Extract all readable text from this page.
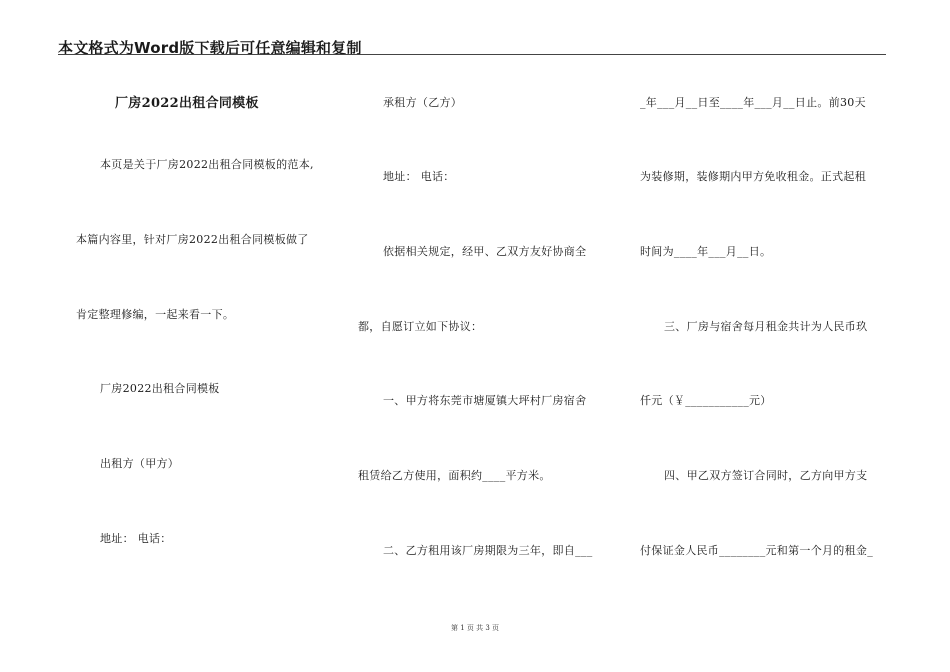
本文格式为Word版下载后可任意编辑和复制
厂房2022出租合同模板
本页是关于厂房2022出租合同模板的范本,
本篇内容里，针对厂房2022出租合同模板做了
肯定整理修编，一起来看一下。
厂房2022出租合同模板
出租方（甲方）
地址： 电话：
承租方（乙方）
地址： 电话：
依据相关规定，经甲、乙双方友好协商全
都，自愿订立如下协议：
一、甲方将东莞市塘厦镇大坪村厂房宿舍
租赁给乙方使用，面积约____平方米。
二、乙方租用该厂房期限为三年，即自___
_年___月__日至____年___月__日止。前30天
为装修期，装修期内甲方免收租金。正式起租
时间为____年___月__日。
三、厂房与宿舍每月租金共计为人民币玖
仟元（￥___________元）
四、甲乙双方签订合同时，乙方向甲方支
付保证金人民币________元和第一个月的租金_
第 1 页 共 3 页
